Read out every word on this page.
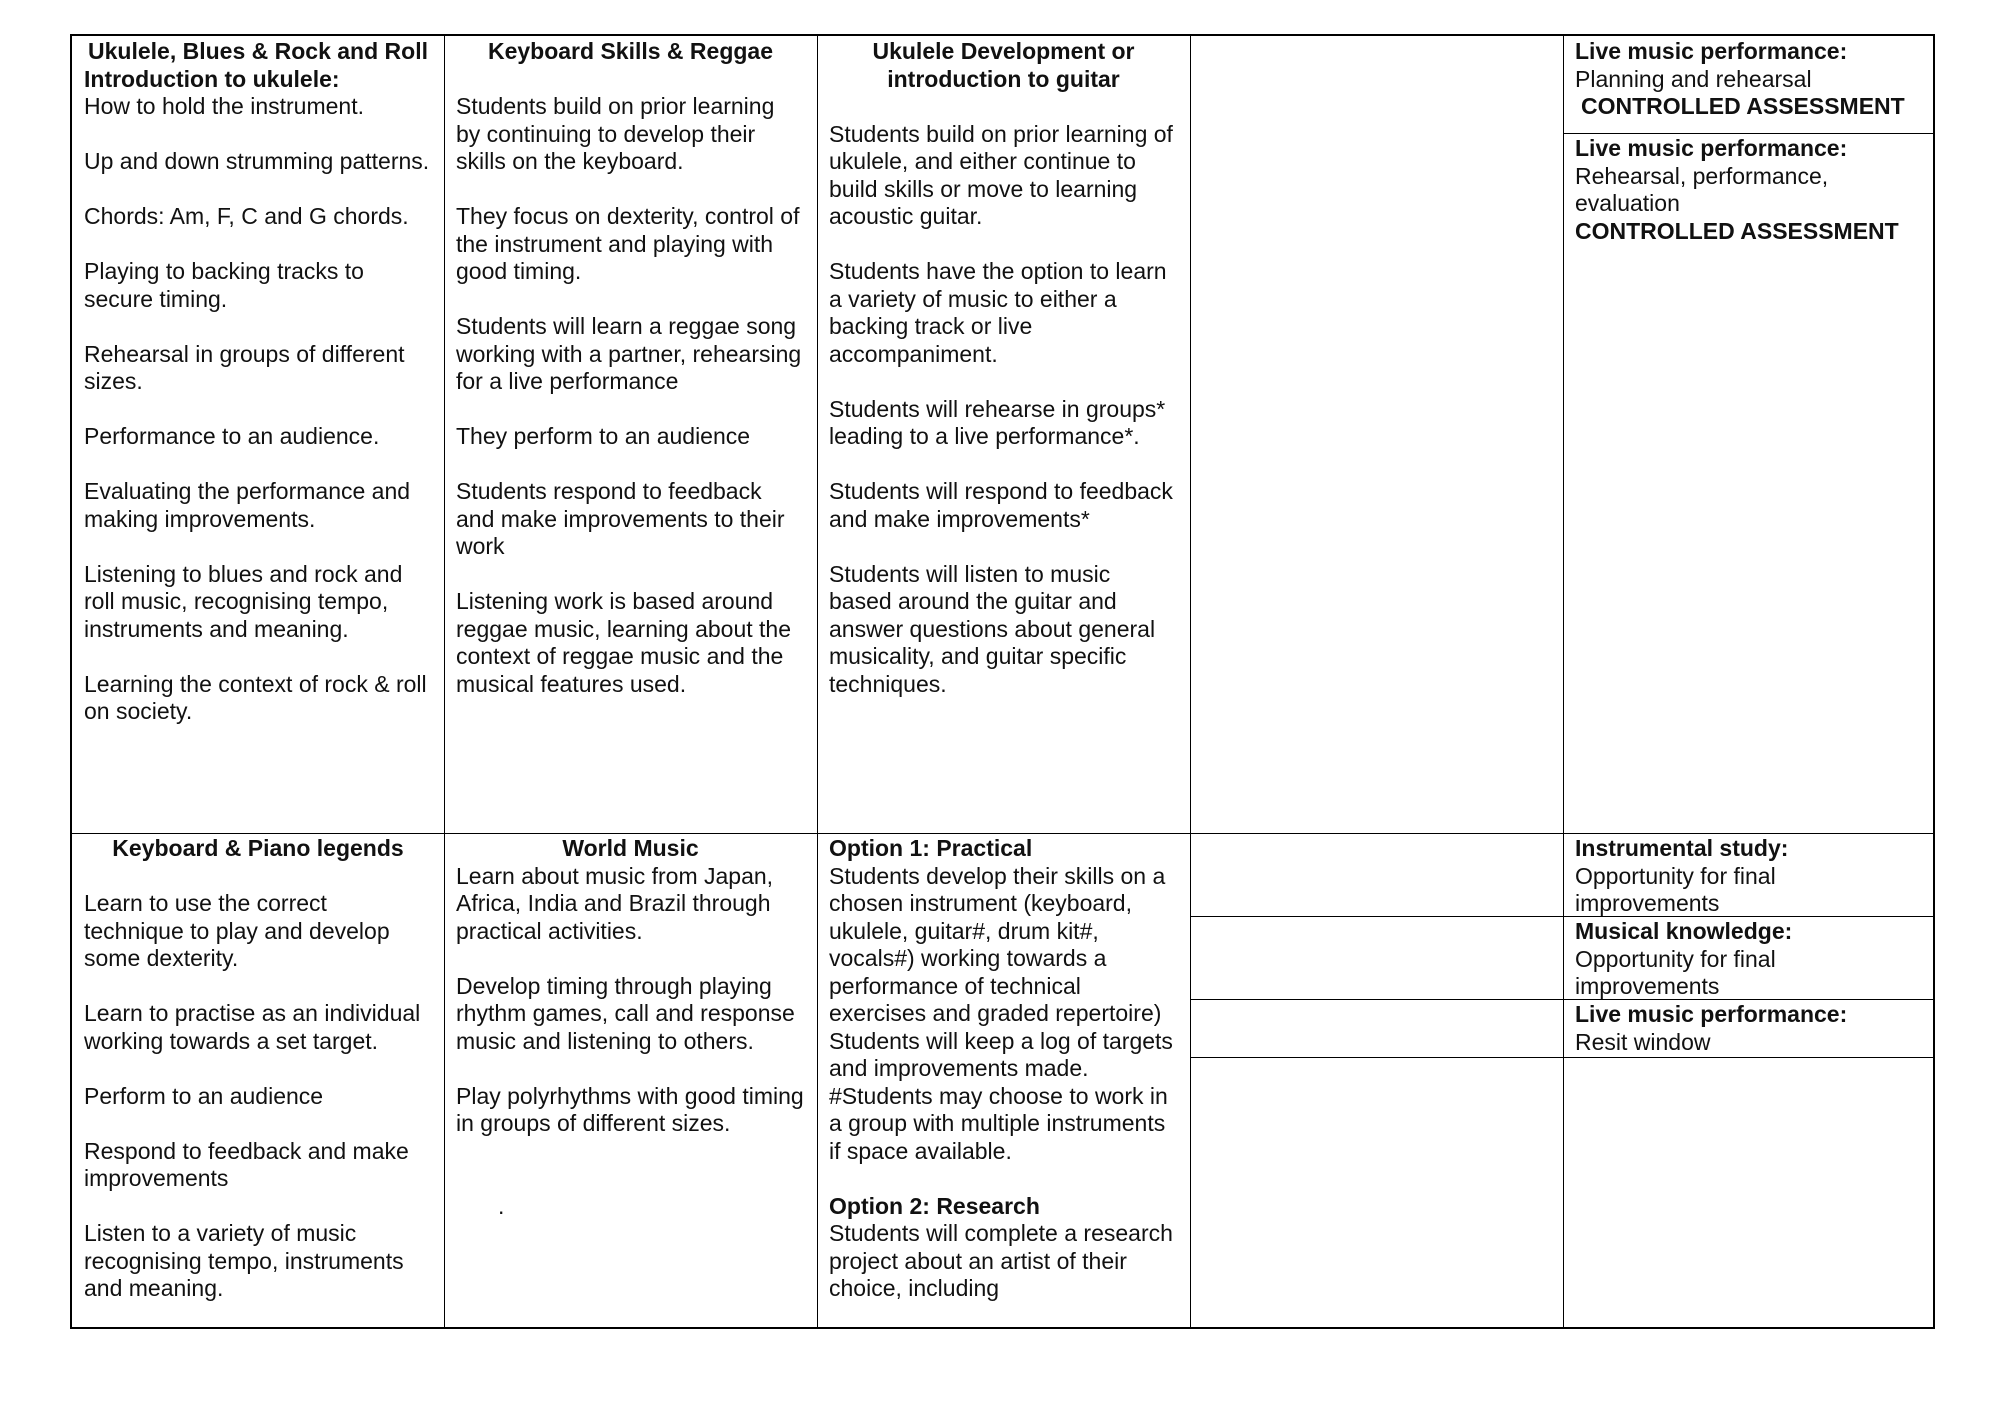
Ukulele, Blues & Rock and Roll
Introduction to ukulele:

How to hold the instrument.

Up and down strumming patterns.

Chords: Am, F, C and G chords.

Playing to backing tracks to secure timing.

Rehearsal in groups of different sizes.

Performance to an audience.

Evaluating the performance and making improvements.

Listening to blues and rock and roll music, recognising tempo, instruments and meaning.

Learning the context of rock & roll on society.

Keyboard Skills & Reggae

Students build on prior learning by continuing to develop their skills on the keyboard.

They focus on dexterity, control of the instrument and playing with good timing.

Students will learn a reggae song working with a partner, rehearsing for a live performance

They perform to an audience

Students respond to feedback and make improvements to their work

Listening work is based around reggae music, learning about the context of reggae music and the musical features used.

Ukulele Development or introduction to guitar

Students build on prior learning of ukulele, and either continue to build skills or move to learning acoustic guitar.

Students have the option to learn a variety of music to either a backing track or live accompaniment.

Students will rehearse in groups* leading to a live performance*.

Students will respond to feedback and make improvements*

Students will listen to music based around the guitar and answer questions about general musicality, and guitar specific techniques.

Live music performance:
Planning and rehearsal
CONTROLLED ASSESSMENT
Live music performance:
Rehearsal, performance, evaluation
CONTROLLED ASSESSMENT
Keyboard & Piano legends

Learn to use the correct technique to play and develop some dexterity.

Learn to practise as an individual working towards a set target.

Perform to an audience

Respond to feedback and make improvements

Listen to a variety of music recognising tempo, instruments and meaning.

World Music

Learn about music from Japan, Africa, India and Brazil through practical activities.

Develop timing through playing rhythm games, call and response music and listening to others.

Play polyrhythms with good timing in groups of different sizes.

.
Option 1: Practical
Students develop their skills on a chosen instrument (keyboard, ukulele, guitar#, drum kit#, vocals#) working towards a performance of technical exercises and graded repertoire) Students will keep a log of targets and improvements made.

#Students may choose to work in a group with multiple instruments if space available.

Option 2: Research
Students will complete a research project about an artist of their choice, including
Instrumental study:
Opportunity for final improvements
Musical knowledge:
Opportunity for final improvements
Live music performance:
Resit window
